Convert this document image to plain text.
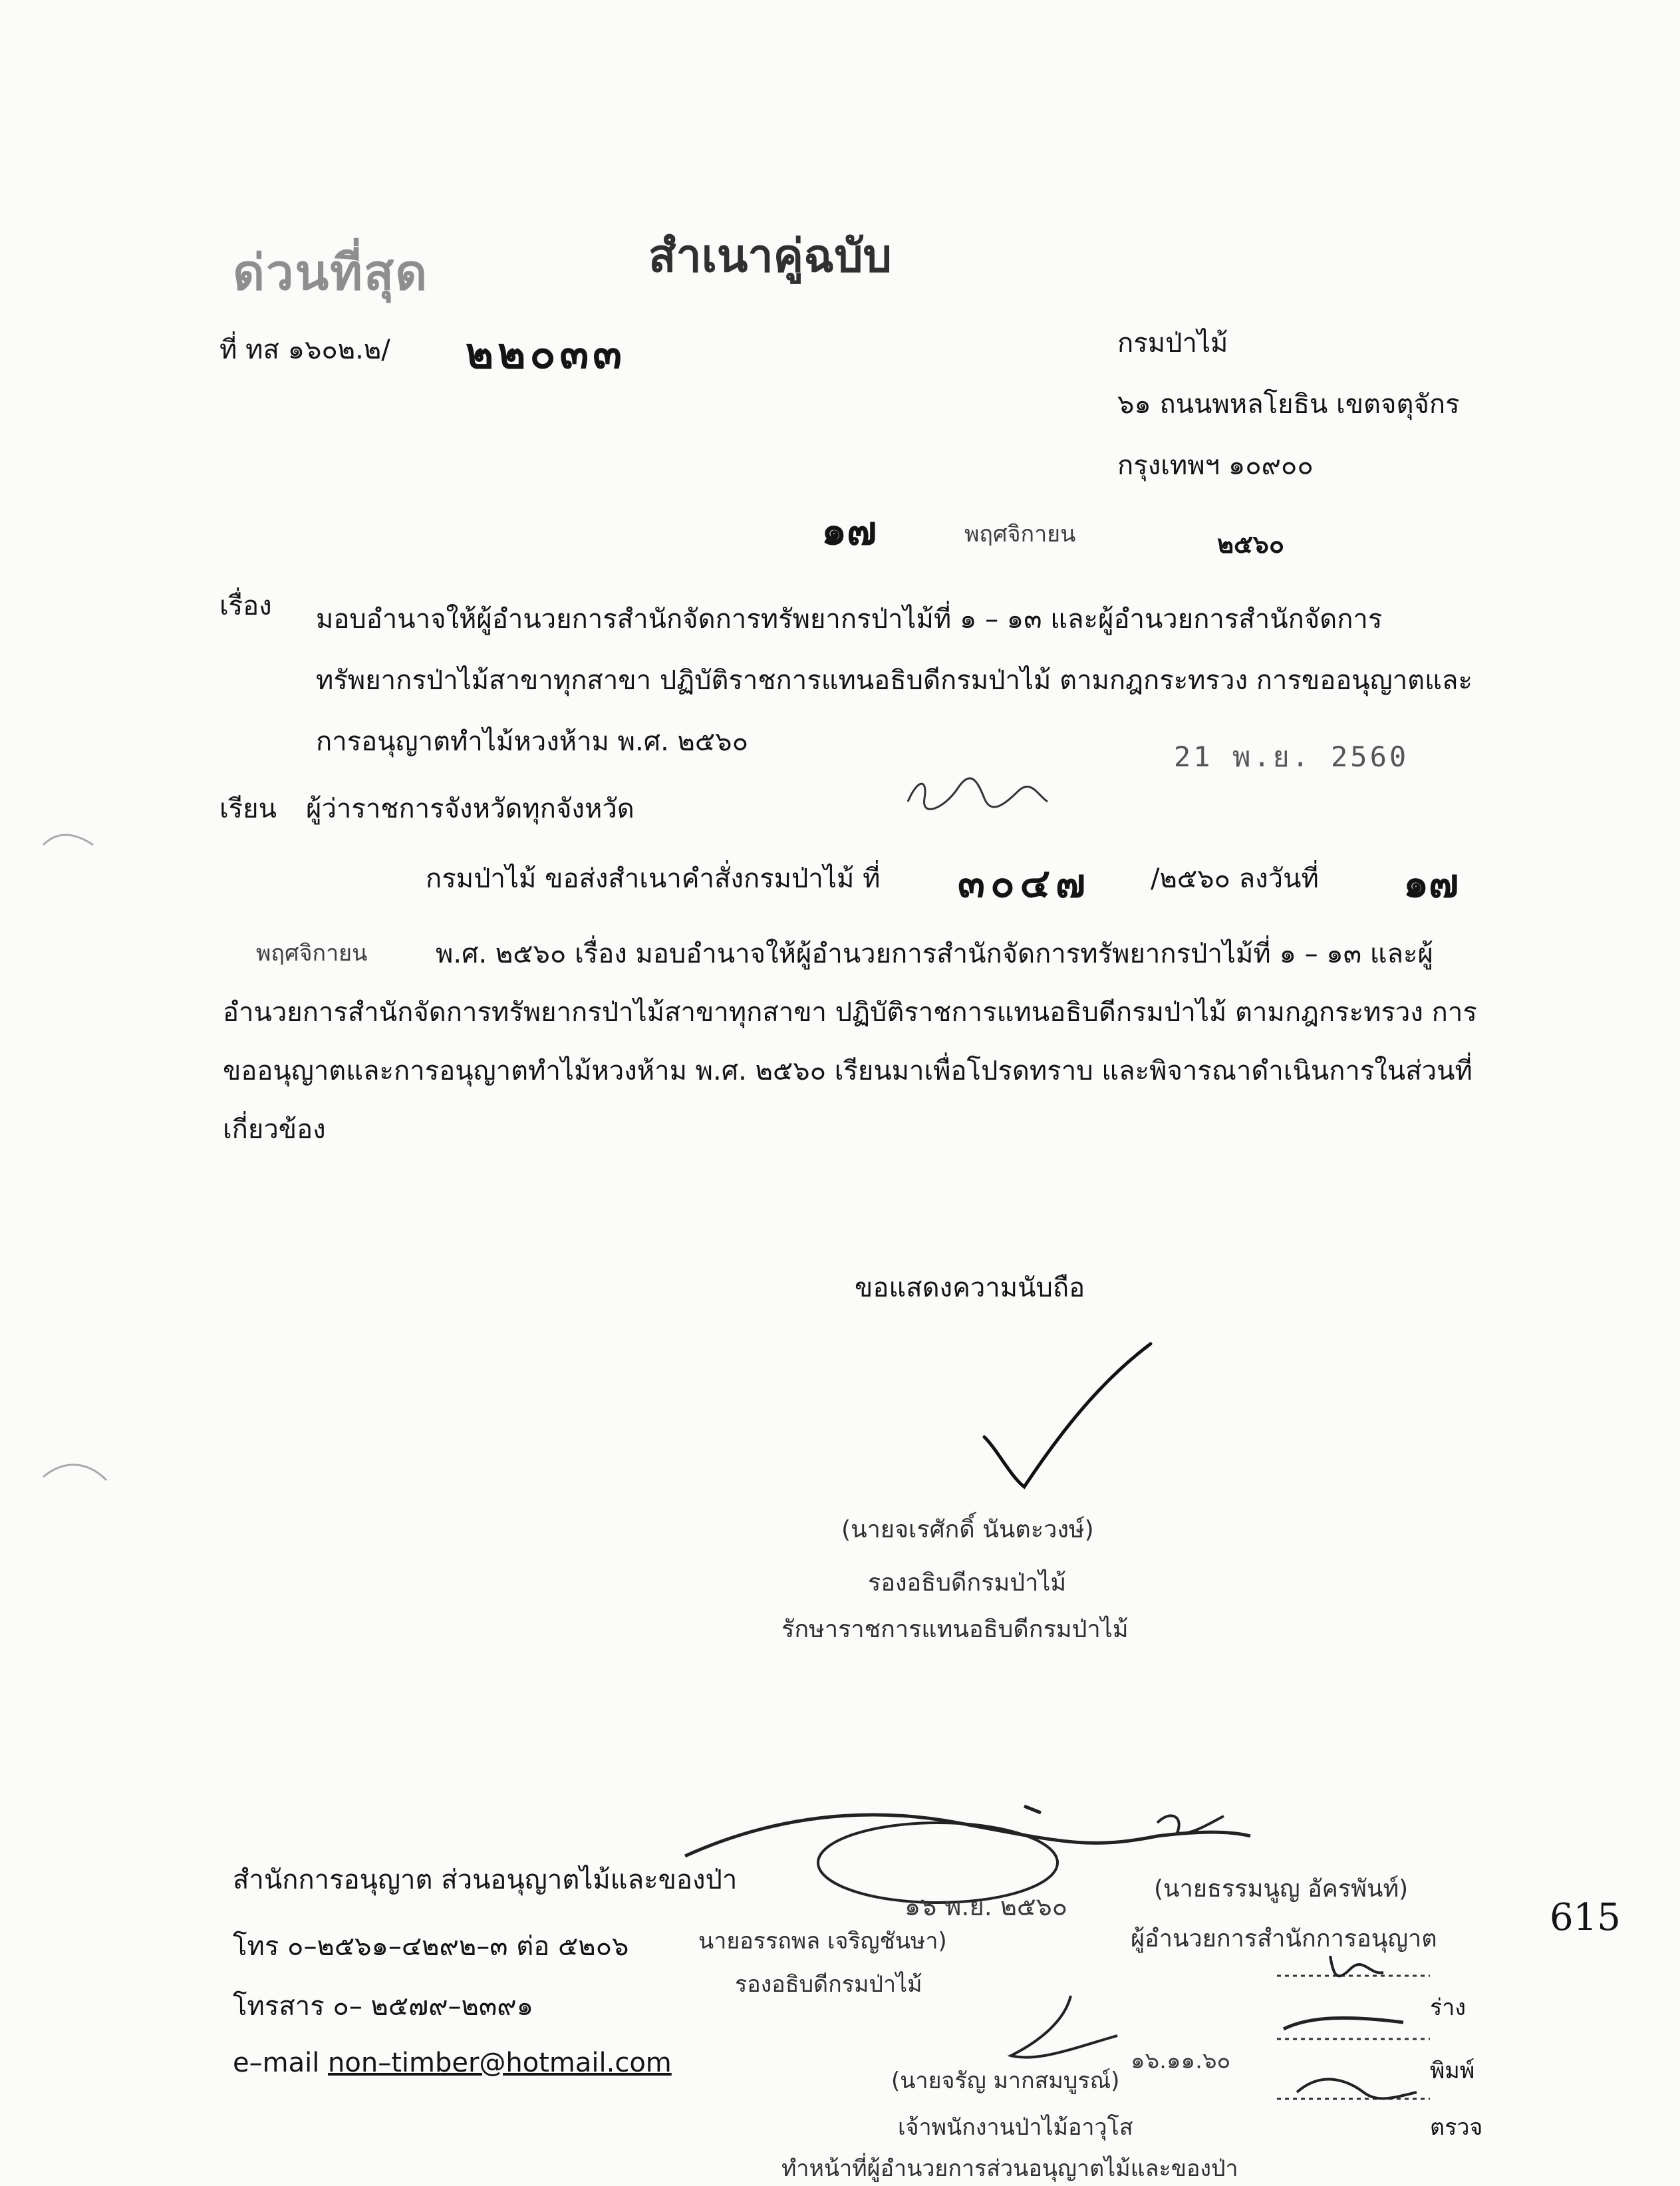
ด่วนที่สุด	สำเนาคู่ฉบับ
ที่ ทส ๑๖๐๒.๒/ ๒๒๐๓๓	กรมป่าไม้
๖๑ ถนนพหลโยธิน เขตจตุจักร
กรุงเทพฯ ๑๐๙๐๐
๑๗	พฤศจิกายน	๒๕๖๐
เรื่อง มอบอำนาจให้ผู้อำนวยการสำนักจัดการทรัพยากรป่าไม้ที่ ๑ – ๑๓ และผู้อำนวยการสำนักจัดการทรัพยากรป่าไม้สาขาทุกสาขา ปฏิบัติราชการแทนอธิบดีกรมป่าไม้ ตามกฎกระทรวง การขออนุญาตและการอนุญาตทำไม้หวงห้าม พ.ศ. ๒๕๖๐	21 พ.ย. 2560
เรียน ผู้ว่าราชการจังหวัดทุกจังหวัด
กรมป่าไม้ ขอส่งสำเนาคำสั่งกรมป่าไม้ ที่ ๓๐๔๗ /๒๕๖๐ ลงวันที่ ๑๗
พฤศจิกายน	พ.ศ. ๒๕๖๐ เรื่อง มอบอำนาจให้ผู้อำนวยการสำนักจัดการทรัพยากรป่าไม้ที่ ๑ – ๑๓ และผู้อำนวยการสำนักจัดการทรัพยากรป่าไม้สาขาทุกสาขา ปฏิบัติราชการแทนอธิบดีกรมป่าไม้ ตามกฎกระทรวง การขออนุญาตและการอนุญาตทำไม้หวงห้าม พ.ศ. ๒๕๖๐ เรียนมาเพื่อโปรดทราบ และพิจารณาดำเนินการในส่วนที่เกี่ยวข้อง
ขอแสดงความนับถือ
(นายจเรศักดิ์ นันตะวงษ์)
รองอธิบดีกรมป่าไม้
รักษาราชการแทนอธิบดีกรมป่าไม้
สำนักการอนุญาต ส่วนอนุญาตไม้และของป่า
โทร ๐–๒๕๖๑–๔๒๙๒–๓ ต่อ ๕๒๐๖
โทรสาร ๐– ๒๕๗๙–๒๓๙๑
e–mail non–timber@hotmail.com
๑๖ พ.ย. ๒๕๖๐
(นายธรรมนูญ อัครพันท์)
ผู้อำนวยการสำนักการอนุญาต
นายอรรถพล เจริญชันษา)
รองอธิบดีกรมป่าไม้
๑๖.๑๑.๖๐
ร่าง
พิมพ์
ตรวจ
(นายจรัญ มากสมบูรณ์)
เจ้าพนักงานป่าไม้อาวุโส
ทำหน้าที่ผู้อำนวยการส่วนอนุญาตไม้และของป่า
615
